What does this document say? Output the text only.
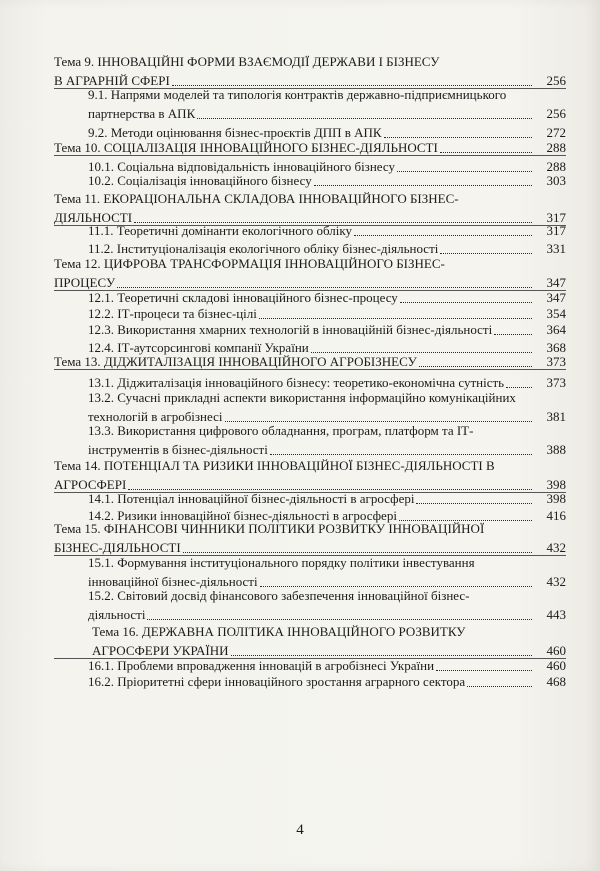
Тема 9. ІННОВАЦІЙНІ ФОРМИ ВЗАЄМОДІЇ ДЕРЖАВИ І БІЗНЕСУ
В АГРАРНІЙ СФЕРІ	256
9.1. Напрями моделей та типологія контрактів державно-підприємницького
партнерства в АПК	256
9.2. Методи оцінювання бізнес-проєктів ДПП в АПК	272
Тема 10. СОЦІАЛІЗАЦІЯ ІННОВАЦІЙНОГО БІЗНЕС-ДІЯЛЬНОСТІ	288
10.1. Соціальна відповідальність інноваційного бізнесу	288
10.2. Соціалізація інноваційного бізнесу	303
Тема 11. ЕКОРАЦІОНАЛЬНА СКЛАДОВА ІННОВАЦІЙНОГО БІЗНЕС-
ДІЯЛЬНОСТІ	317
11.1. Теоретичні домінанти екологічного обліку	317
11.2. Інституціоналізація екологічного обліку бізнес-діяльності	331
Тема 12. ЦИФРОВА ТРАНСФОРМАЦІЯ ІННОВАЦІЙНОГО БІЗНЕС-
ПРОЦЕСУ	347
12.1. Теоретичні складові інноваційного бізнес-процесу	347
12.2. ІТ-процеси та бізнес-цілі	354
12.3. Використання хмарних технологій в інноваційній бізнес-діяльності	364
12.4. ІТ-аутсорсингові компанії України	368
Тема 13. ДІДЖИТАЛІЗАЦІЯ ІННОВАЦІЙНОГО АГРОБІЗНЕСУ	373
13.1. Діджиталізація інноваційного бізнесу: теоретико-економічна сутність	373
13.2. Сучасні прикладні аспекти використання інформаційно комунікаційних
технологій в агробізнесі	381
13.3. Використання цифрового обладнання, програм, платформ та ІТ-
інструментів в бізнес-діяльності	388
Тема 14. ПОТЕНЦІАЛ ТА РИЗИКИ ІННОВАЦІЙНОЇ БІЗНЕС-ДІЯЛЬНОСТІ В
АГРОСФЕРІ	398
14.1. Потенціал інноваційної бізнес-діяльності в агросфері	398
14.2. Ризики інноваційної бізнес-діяльності в агросфері	416
Тема 15. ФІНАНСОВІ ЧИННИКИ ПОЛІТИКИ РОЗВИТКУ ІННОВАЦІЙНОЇ
БІЗНЕС-ДІЯЛЬНОСТІ	432
15.1. Формування інституціонального порядку політики інвестування
інноваційної бізнес-діяльності	432
15.2. Світовий досвід фінансового забезпечення інноваційної бізнес-
діяльності	443
Тема 16. ДЕРЖАВНА ПОЛІТИКА ІННОВАЦІЙНОГО РОЗВИТКУ
АГРОСФЕРИ УКРАЇНИ	460
16.1. Проблеми впровадження інновацій в агробізнесі України	460
16.2. Пріоритетні сфери інноваційного зростання аграрного сектора	468
4
